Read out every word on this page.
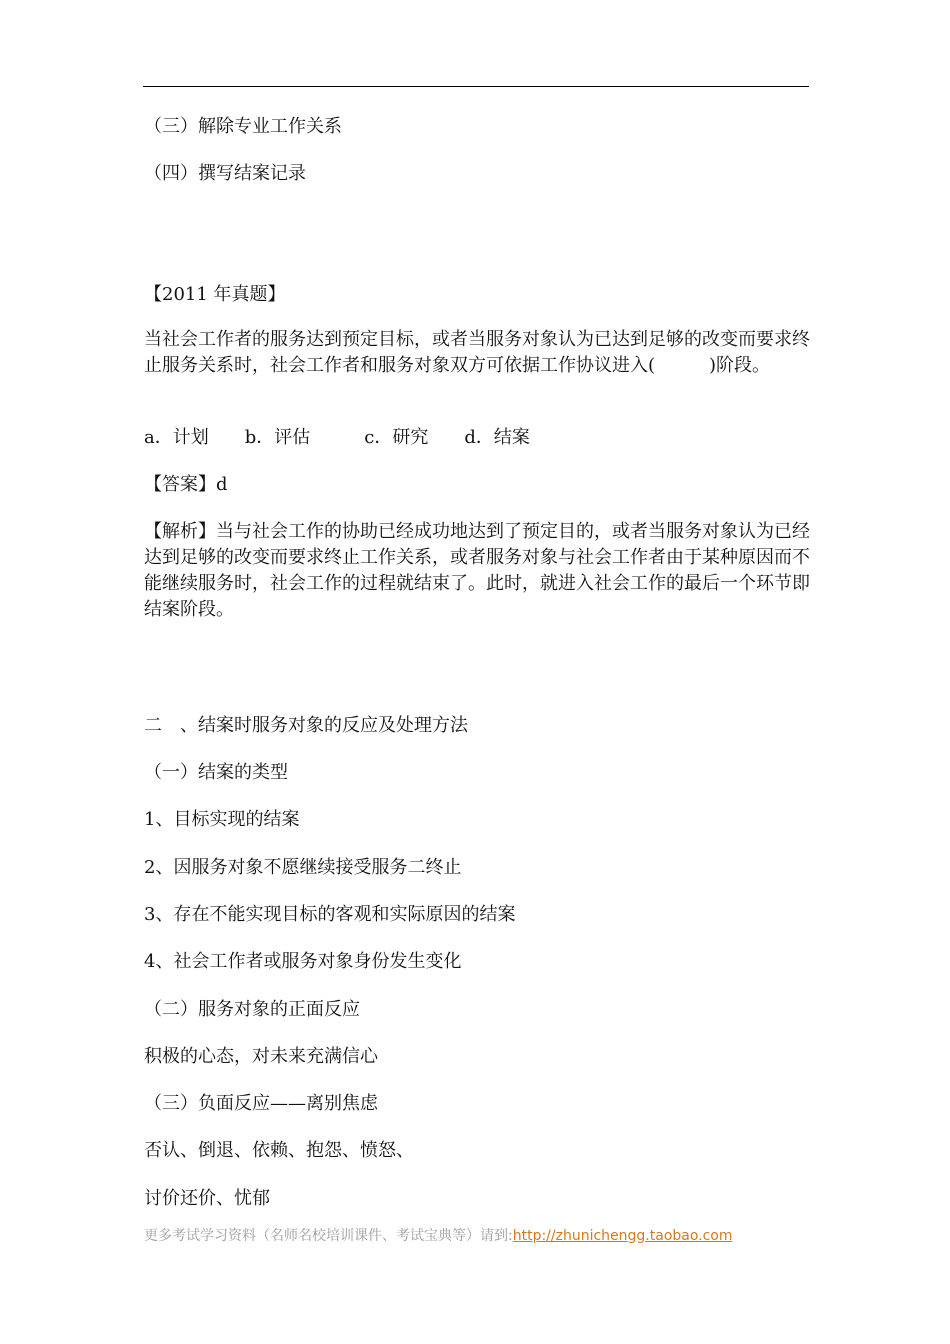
（三）解除专业工作关系
（四）撰写结案记录
【2011 年真题】
当社会工作者的服务达到预定目标，或者当服务对象认为已达到足够的改变而要求终止服务关系时，社会工作者和服务对象双方可依据工作协议进入(　　　)阶段。
a．计划　　b．评估　　　c．研究　　d．结案
【答案】d
【解析】当与社会工作的协助已经成功地达到了预定目的，或者当服务对象认为已经达到足够的改变而要求终止工作关系，或者服务对象与社会工作者由于某种原因而不能继续服务时，社会工作的过程就结束了。此时，就进入社会工作的最后一个环节即结案阶段。
二　、结案时服务对象的反应及处理方法
（一）结案的类型
1、目标实现的结案
2、因服务对象不愿继续接受服务二终止
3、存在不能实现目标的客观和实际原因的结案
4、社会工作者或服务对象身份发生变化
（二）服务对象的正面反应
积极的心态，对未来充满信心
（三）负面反应——离别焦虑
否认、倒退、依赖、抱怨、愤怒、
讨价还价、忧郁
更多考试学习资料（名师名校培训课件、考试宝典等）请到:http://zhunichengg.taobao.com
